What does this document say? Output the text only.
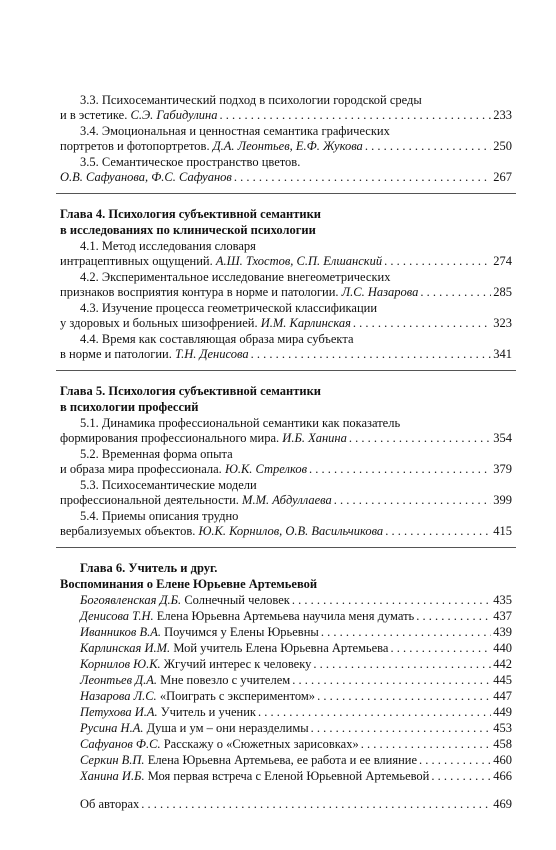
3.3. Психосемантический подход в психологии городской среды
и в эстетике. С.Э. Габидулина . . .	233
3.4. Эмоциональная и ценностная семантика графических
портретов и фотопортретов. Д.А. Леонтьев, Е.Ф. Жукова . . .	250
3.5. Семантическое пространство цветов.
О.В. Сафуанова, Ф.С. Сафуанов . . .	267
Глава 4. Психология субъективной семантики
в исследованиях по клинической психологии
4.1. Метод исследования словаря
интрацептивных ощущений. А.Ш. Тхостов, С.П. Елшанский . . .	274
4.2. Экспериментальное исследование внегеометрических
признаков восприятия контура в норме и патологии. Л.С. Назарова . . .	285
4.3. Изучение процесса геометрической классификации
у здоровых и больных шизофренией. И.М. Карлинская . . .	323
4.4. Время как составляющая образа мира субъекта
в норме и патологии. Т.Н. Денисова . . .	341
Глава 5. Психология субъективной семантики
в психологии профессий
5.1. Динамика профессиональной семантики как показатель
формирования профессионального мира. И.Б. Ханина . . .	354
5.2. Временная форма опыта
и образа мира профессионала. Ю.К. Стрелков . . .	379
5.3. Психосемантические модели
профессиональной деятельности. М.М. Абдуллаева . . .	399
5.4. Приемы описания трудно
вербализуемых объектов. Ю.К. Корнилов, О.В. Васильчикова . . .	415
Глава 6. Учитель и друг.
Воспоминания о Елене Юрьевне Артемьевой
Богоявленская Д.Б. Солнечный человек . . .	435
Денисова Т.Н. Елена Юрьевна Артемьева научила меня думать . . .	437
Иванников В.А. Поучимся у Елены Юрьевны . . .	439
Карлинская И.М. Мой учитель Елена Юрьевна Артемьева . . .	440
Корнилов Ю.К. Жгучий интерес к человеку . . .	442
Леонтьев Д.А. Мне повезло с учителем . . .	445
Назарова Л.С. «Поиграть с экспериментом» . . .	447
Петухова И.А. Учитель и ученик . . .	449
Русина Н.А. Душа и ум – они неразделимы . . .	453
Сафуанов Ф.С. Расскажу о «Сюжетных зарисовках» . . .	458
Серкин В.П. Елена Юрьевна Артемьева, ее работа и ее влияние . . .	460
Ханина И.Б. Моя первая встреча с Еленой Юрьевной Артемьевой . . .	466
Об авторах . . .	469
